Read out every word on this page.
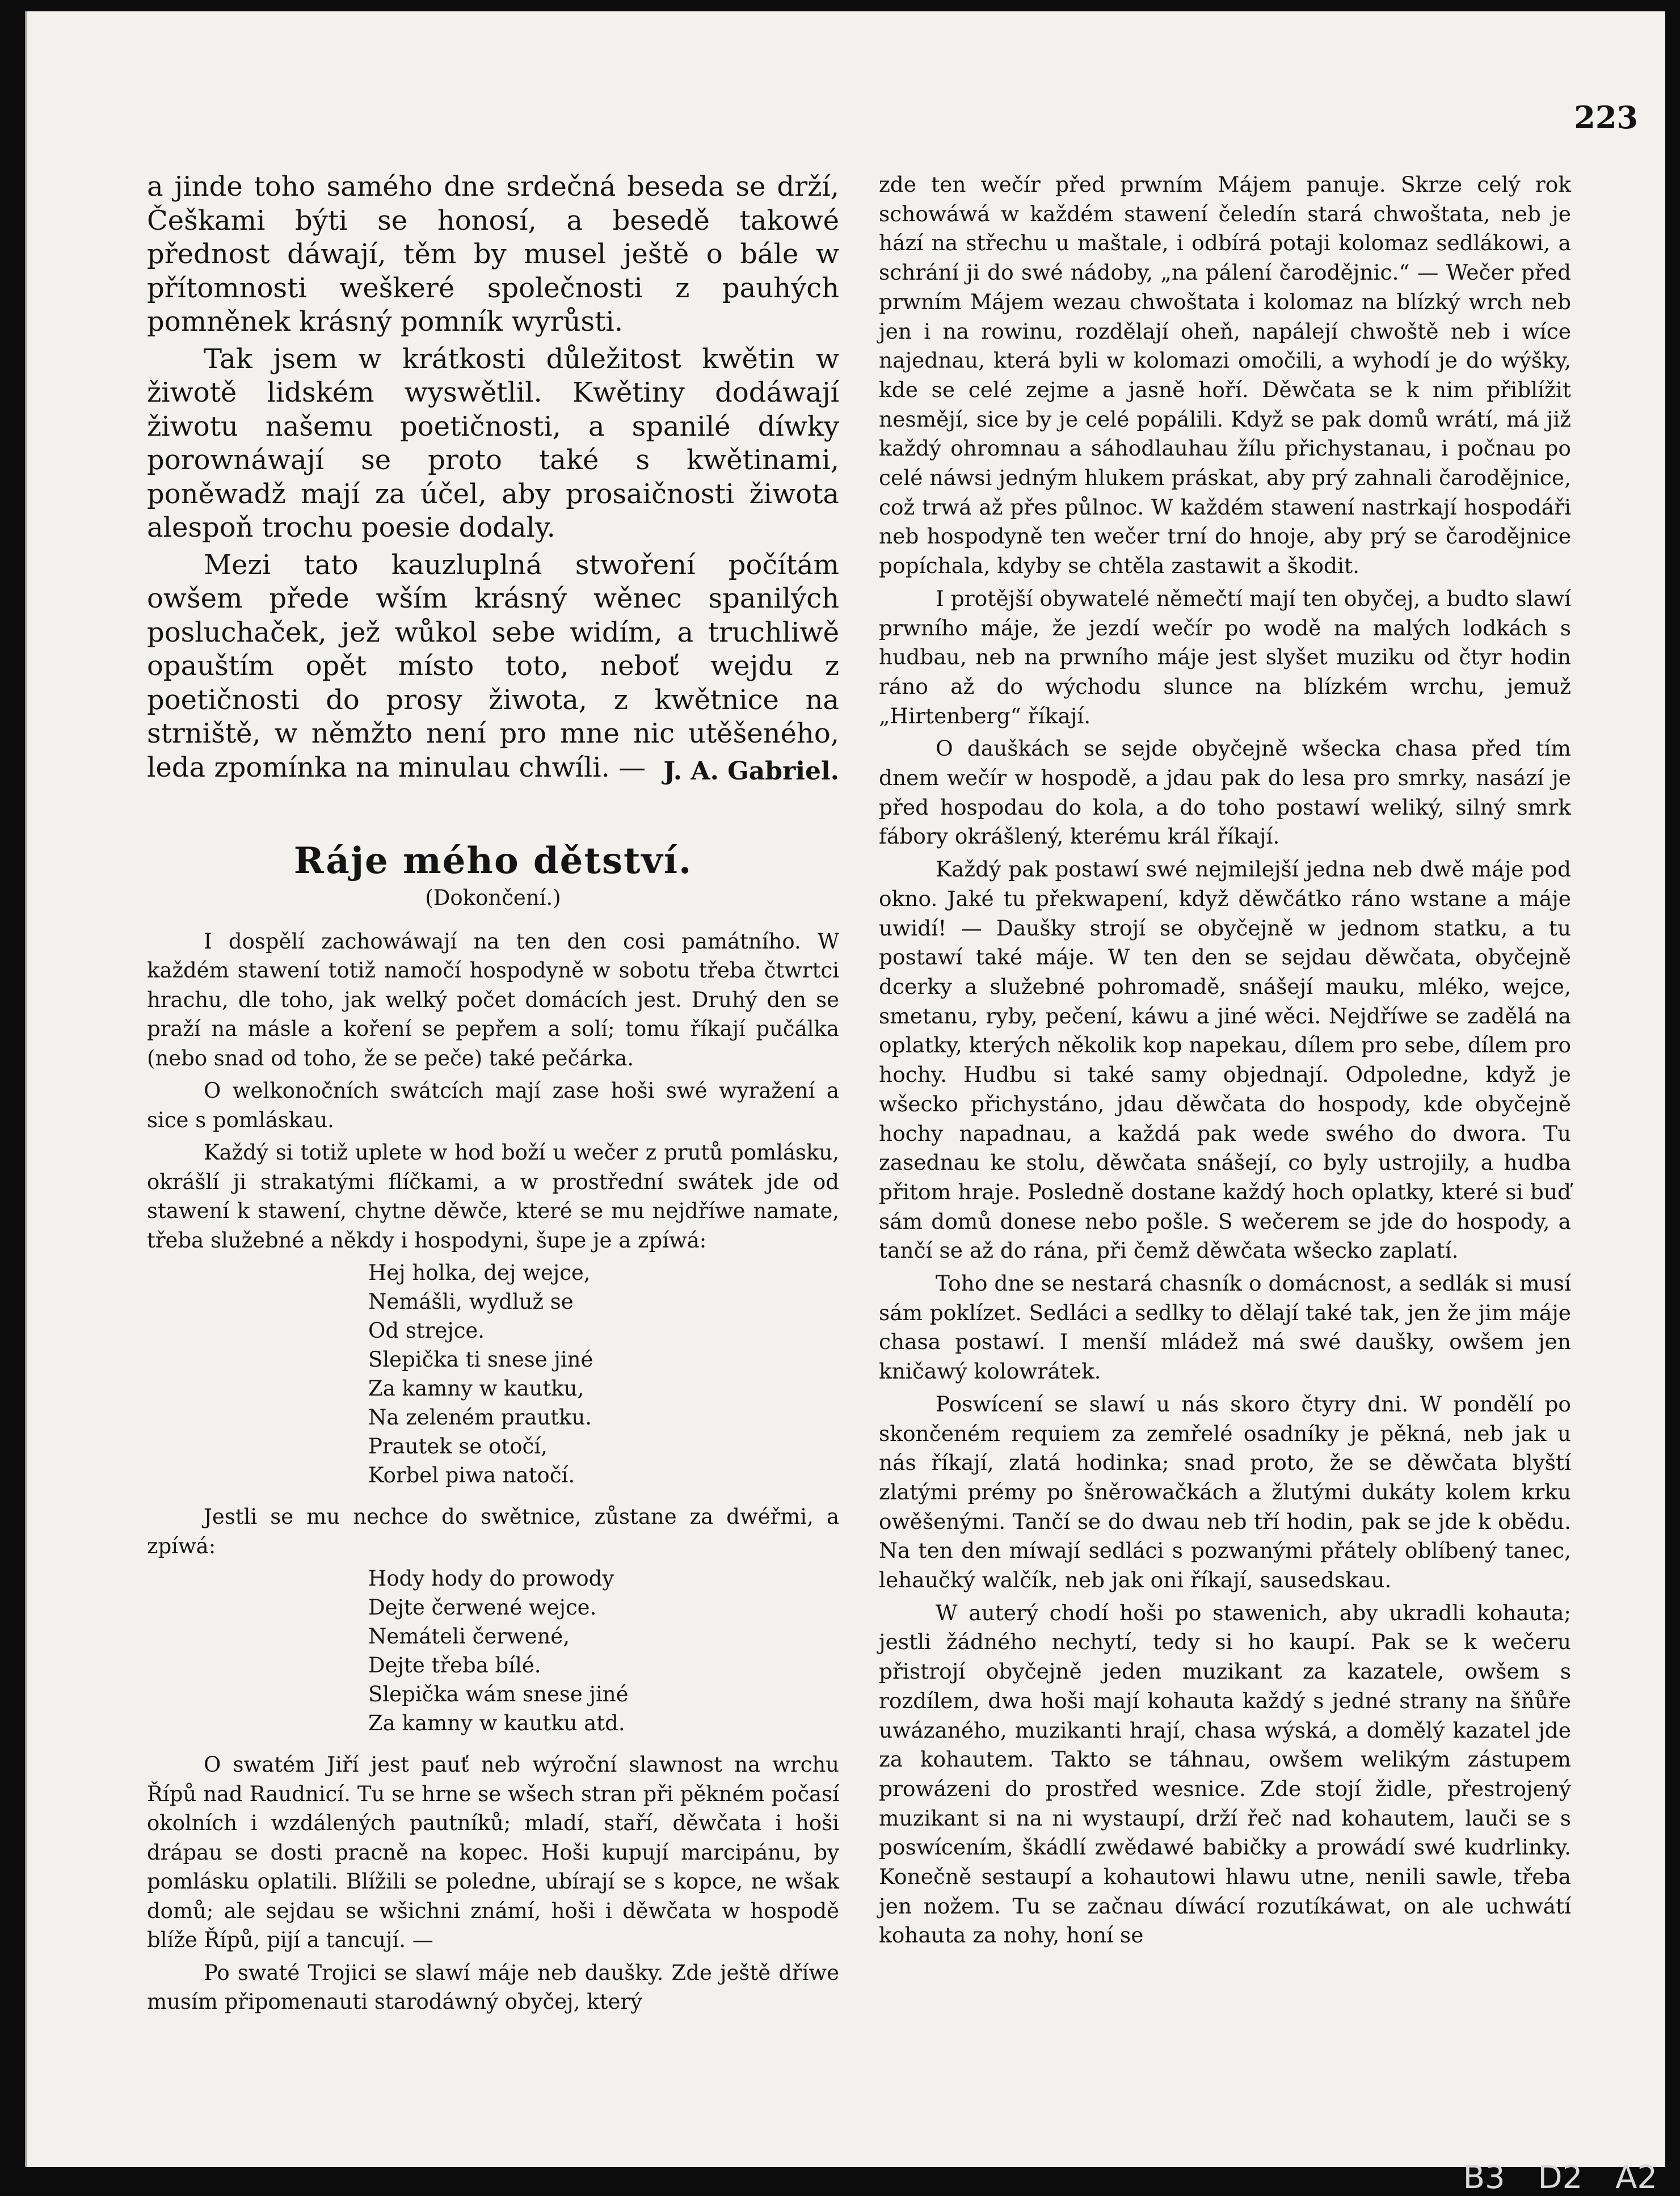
223

a jinde toho samého dne srdečná beseda se drží, Češkami býti se honosí, a besedě takowé přednost dáwají, těm by musel ještě o bále w přítomnosti weškeré společnosti z pauhých pomněnek krásný pomník wyrůsti.

Tak jsem w krátkosti důležitost kwětin w žiwotě lidském wyswětlil. Kwětiny dodáwají žiwotu našemu poetičnosti, a spanilé díwky porownáwají se proto také s kwětinami, poněwadž mají za účel, aby prosaičnosti žiwota alespoň trochu poesie dodaly.

Mezi tato kauzluplná stwoření počítám owšem přede wším krásný wěnec spanilých posluchaček, jež wůkol sebe widím, a truchliwě opauštím opět místo toto, neboť wejdu z poetičnosti do prosy žiwota, z kwětnice na strniště, w němžto není pro mne nic utěšeného, leda zpomínka na minulau chwíli. — J. A. Gabriel.
Ráje mého dětství.
(Dokončení.)

I dospělí zachowáwají na ten den cosi památního. W každém stawení totiž namočí hospodyně w sobotu třeba čtwrtci hrachu, dle toho, jak welký počet domácích jest. Druhý den se praží na másle a koření se pepřem a solí; tomu říkají pučálka (nebo snad od toho, že se peče) také pečárka.

O welkonočních swátcích mají zase hoši swé wyražení a sice s pomláskau.

Každý si totiž uplete w hod boží u wečer z prutů pomlásku, okrášlí ji strakatými flíčkami, a w prostřední swátek jde od stawení k stawení, chytne děwče, které se mu nejdříwe namate, třeba služebné a někdy i hospodyni, šupe je a zpíwá:

Hej holka, dej wejce,
Nemášli, wydluž se
Od strejce.
Slepička ti snese jiné
Za kamny w kautku,
Na zeleném prautku.
Prautek se otočí,
Korbel piwa natočí.

Jestli se mu nechce do swětnice, zůstane za dwéřmi, a zpíwá:

Hody hody do prowody
Dejte čerwené wejce.
Nemáteli čerwené,
Dejte třeba bílé.
Slepička wám snese jiné
Za kamny w kautku atd.

O swatém Jiří jest pauť neb wýroční slawnost na wrchu Řípů nad Raudnicí. Tu se hrne se wšech stran při pěkném počasí okolních i wzdálených pautníků; mladí, staří, děwčata i hoši drápau se dosti pracně na kopec. Hoši kupují marcipánu, by pomlásku oplatili. Blížili se poledne, ubírají se s kopce, ne wšak domů; ale sejdau se wšichni známí, hoši i děwčata w hospodě blíže Řípů, pijí a tancují. —

Po swaté Trojici se slawí máje neb daušky. Zde ještě dříwe musím připomenauti starodáwný obyčej, který

zde ten wečír před prwním Májem panuje. Skrze celý rok schowáwá w každém stawení čeledín stará chwoštata, neb je hází na střechu u maštale, i odbírá potaji kolomaz sedlákowi, a schrání ji do swé nádoby, „na pálení čarodějnic.“ — Wečer před prwním Májem wezau chwoštata i kolomaz na blízký wrch neb jen i na rowinu, rozdělají oheň, napálejí chwoště neb i wíce najednau, která byli w kolomazi omočili, a wyhodí je do wýšky, kde se celé zejme a jasně hoří. Děwčata se k nim přiblížit nesmějí, sice by je celé popálili. Když se pak domů wrátí, má již každý ohromnau a sáhodlauhau žílu přichystanau, i počnau po celé náwsi jedným hlukem práskat, aby prý zahnali čarodějnice, což trwá až přes půlnoc. W každém stawení nastrkají hospodáři neb hospodyně ten wečer trní do hnoje, aby prý se čarodějnice popíchala, kdyby se chtěla zastawit a škodit.

I protější obywatelé němečtí mají ten obyčej, a budto slawí prwního máje, že jezdí wečír po wodě na malých lodkách s hudbau, neb na prwního máje jest slyšet muziku od čtyr hodin ráno až do wýchodu slunce na blízkém wrchu, jemuž „Hirtenberg“ říkají.

O dauškách se sejde obyčejně wšecka chasa před tím dnem wečír w hospodě, a jdau pak do lesa pro smrky, nasází je před hospodau do kola, a do toho postawí weliký, silný smrk fábory okrášlený, kterému král říkají.

Každý pak postawí swé nejmilejší jedna neb dwě máje pod okno. Jaké tu překwapení, když děwčátko ráno wstane a máje uwidí! — Daušky strojí se obyčejně w jednom statku, a tu postawí také máje. W ten den se sejdau děwčata, obyčejně dcerky a služebné pohromadě, snášejí mauku, mléko, wejce, smetanu, ryby, pečení, káwu a jiné wěci. Nejdříwe se zadělá na oplatky, kterých několik kop napekau, dílem pro sebe, dílem pro hochy. Hudbu si také samy objednají. Odpoledne, když je wšecko přichystáno, jdau děwčata do hospody, kde obyčejně hochy napadnau, a každá pak wede swého do dwora. Tu zasednau ke stolu, děwčata snášejí, co byly ustrojily, a hudba přitom hraje. Posledně dostane každý hoch oplatky, které si buď sám domů donese nebo pošle. S wečerem se jde do hospody, a tančí se až do rána, při čemž děwčata wšecko zaplatí.

Toho dne se nestará chasník o domácnost, a sedlák si musí sám poklízet. Sedláci a sedlky to dělají také tak, jen že jim máje chasa postawí. I menší mládež má swé daušky, owšem jen kničawý kolowrátek.

Poswícení se slawí u nás skoro čtyry dni. W pondělí po skončeném requiem za zemřelé osadníky je pěkná, neb jak u nás říkají, zlatá hodinka; snad proto, že se děwčata blyští zlatými prémy po šněrowačkách a žlutými dukáty kolem krku owěšenými. Tančí se do dwau neb tří hodin, pak se jde k obědu. Na ten den míwají sedláci s pozwanými přátely oblíbený tanec, lehaučký walčík, neb jak oni říkají, sausedskau.

W auterý chodí hoši po stawenich, aby ukradli kohauta; jestli žádného nechytí, tedy si ho kaupí. Pak se k wečeru přistrojí obyčejně jeden muzikant za kazatele, owšem s rozdílem, dwa hoši mají kohauta každý s jedné strany na šňůře uwázaného, muzikanti hrají, chasa wýská, a domělý kazatel jde za kohautem. Takto se táhnau, owšem welikým zástupem prowázeni do prostřed wesnice. Zde stojí židle, přestrojený muzikant si na ni wystaupí, drží řeč nad kohautem, lauči se s poswícením, škádlí zwědawé babičky a prowádí swé kudrlinky. Konečně sestaupí a kohautowi hlawu utne, nenili sawle, třeba jen nožem. Tu se začnau díwácí rozutíkáwat, on ale uchwátí kohauta za nohy, honí se

B3 D2 A2
